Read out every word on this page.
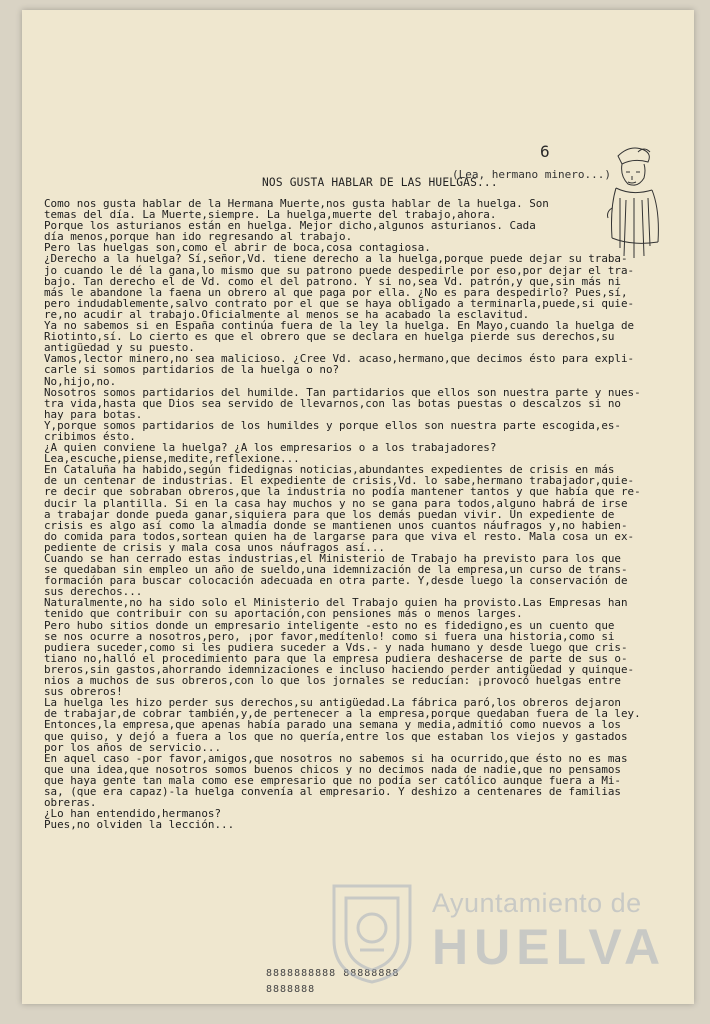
6
(Lea, hermano minero...)
NOS GUSTA HABLAR DE LAS HUELGAS...
Como nos gusta hablar de la Hermana Muerte,nos gusta hablar de la huelga. Son
temas del día. La Muerte,siempre. La huelga,muerte del trabajo,ahora.
Porque los asturianos están en huelga. Mejor dicho,algunos asturianos. Cada
día menos,porque han ido regresando al trabajo.
Pero las huelgas son,como el abrir de boca,cosa contagiosa.
¿Derecho a la huelga? Sí,señor,Vd. tiene derecho a la huelga,porque puede dejar su traba-
jo cuando le dé la gana,lo mismo que su patrono puede despedirle por eso,por dejar el tra-
bajo. Tan derecho el de Vd. como el del patrono. Y si no,sea Vd. patrón,y que,sin más ni
más le abandone la faena un obrero al que paga por ella. ¿No es para despedirlo? Pues,sí,
pero indudablemente,salvo contrato por el que se haya obligado a terminarla,puede,si quie-
re,no acudir al trabajo.Oficialmente al menos se ha acabado la esclavitud.
Ya no sabemos si en España continúa fuera de la ley la huelga. En Mayo,cuando la huelga de
Riotinto,sí. Lo cierto es que el obrero que se declara en huelga pierde sus derechos,su
antigüedad y su puesto.
Vamos,lector minero,no sea malicioso. ¿Cree Vd. acaso,hermano,que decimos ésto para expli-
carle si somos partidarios de la huelga o no?
No,hijo,no.
Nosotros somos partidarios del humilde. Tan partidarios que ellos son nuestra parte y nues-
tra vida,hasta que Dios sea servido de llevarnos,con las botas puestas o descalzos si no
hay para botas.
Y,porque somos partidarios de los humildes y porque ellos son nuestra parte escogida,es-
cribimos ésto.
¿A quien conviene la huelga? ¿A los empresarios o a los trabajadores?
Lea,escuche,piense,medite,reflexione...
En Cataluña ha habido,según fidedignas noticias,abundantes expedientes de crisis en más
de un centenar de industrias. El expediente de crisis,Vd. lo sabe,hermano trabajador,quie-
re decir que sobraban obreros,que la industria no podía mantener tantos y que había que re-
ducir la plantilla. Si en la casa hay muchos y no se gana para todos,alguno habrá de irse
a trabajar donde pueda ganar,siquiera para que los demás puedan vivir. Un expediente de
crisis es algo así como la almadía donde se mantienen unos cuantos náufragos y,no habien-
do comida para todos,sortean quien ha de largarse para que viva el resto. Mala cosa un ex-
pediente de crisis y mala cosa unos náufragos así...
Cuando se han cerrado estas industrias,el Ministerio de Trabajo ha previsto para los que
se quedaban sin empleo un año de sueldo,una idemnización de la empresa,un curso de trans-
formación para buscar colocación adecuada en otra parte. Y,desde luego la conservación de
sus derechos...
Naturalmente,no ha sido solo el Ministerio del Trabajo quien ha provisto.Las Empresas han
tenido que contribuir con su aportación,con pensiones más o menos larges.
Pero hubo sitios donde un empresario inteligente -esto no es fidedigno,es un cuento que
se nos ocurre a nosotros,pero, ¡por favor,medítenlo! como si fuera una historia,como si
pudiera suceder,como si les pudiera suceder a Vds.- y nada humano y desde luego que cris-
tiano no,halló el procedimiento para que la empresa pudiera deshacerse de parte de sus o-
breros,sin gastos,ahorrando idemnizaciones e incluso haciendo perder antigüedad y quinque-
nios a muchos de sus obreros,con lo que los jornales se reducían: ¡provocó huelgas entre
sus obreros!
La huelga les hizo perder sus derechos,su antigüedad.La fábrica paró,los obreros dejaron
de trabajar,de cobrar también,y,de pertenecer a la empresa,porque quedaban fuera de la ley.
Entonces,la empresa,que apenas había parado una semana y media,admitió como nuevos a los
que quiso, y dejó a fuera a los que no quería,entre los que estaban los viejos y gastados
por los años de servicio...
En aquel caso -por favor,amigos,que nosotros no sabemos si ha ocurrido,que ésto no es mas
que una idea,que nosotros somos buenos chicos y no decimos nada de nadie,que no pensamos
que haya gente tan mala como ese empresario que no podía ser católico aunque fuera a Mi-
sa, (que era capaz)-la huelga convenía al empresario. Y deshizo a centenares de familias
obreras.
¿Lo han entendido,hermanos?
Pues,no olviden la lección...
8888888888 88888888
8888888
Ayuntamiento de
HUELVA
